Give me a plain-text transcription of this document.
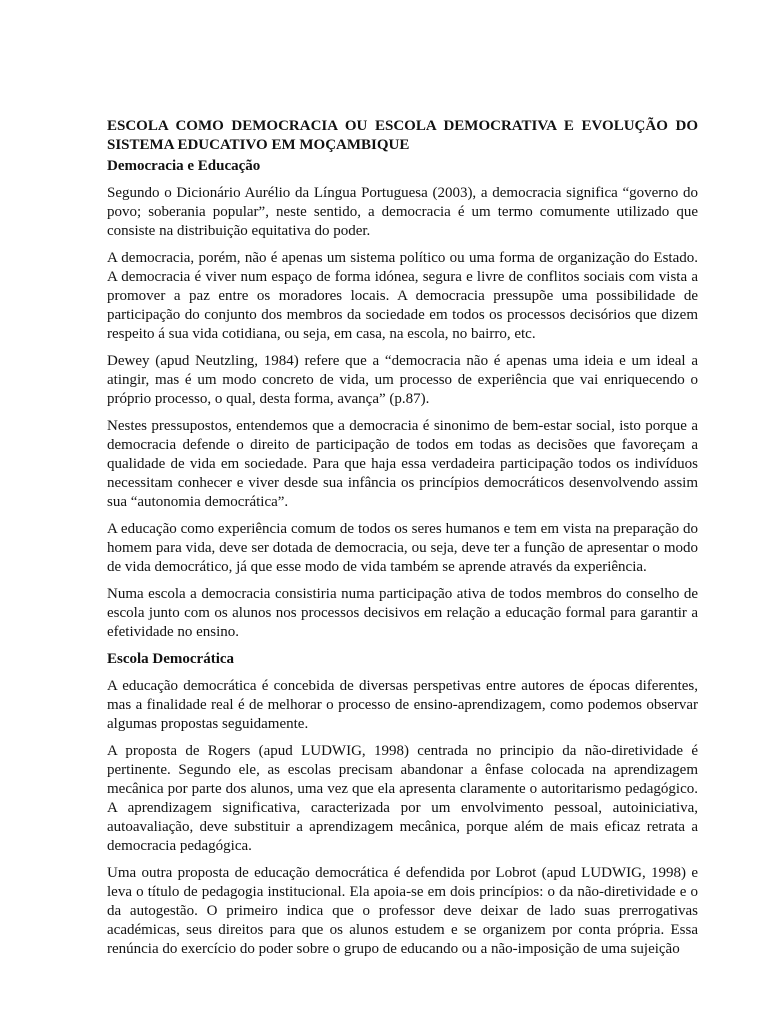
ESCOLA COMO DEMOCRACIA OU ESCOLA DEMOCRATIVA E EVOLUÇÃO DO SISTEMA EDUCATIVO EM MOÇAMBIQUE
Democracia e Educação

Segundo o Dicionário Aurélio da Língua Portuguesa (2003), a democracia significa “governo do povo; soberania popular”, neste sentido, a democracia é um termo comumente utilizado que consiste na distribuição equitativa do poder.

A democracia, porém, não é apenas um sistema político ou uma forma de organização do Estado. A democracia é viver num espaço de forma idónea, segura e livre de conflitos sociais com vista a promover a paz entre os moradores locais. A democracia pressupõe uma possibilidade de participação do conjunto dos membros da sociedade em todos os processos decisórios que dizem respeito á sua vida cotidiana, ou seja, em casa, na escola, no bairro, etc.

Dewey (apud Neutzling, 1984) refere que a “democracia não é apenas uma ideia e um ideal a atingir, mas é um modo concreto de vida, um processo de experiência que vai enriquecendo o próprio processo, o qual, desta forma, avança” (p.87).

Nestes pressupostos, entendemos que a democracia é sinonimo de bem-estar social, isto porque a democracia defende o direito de participação de todos em todas as decisões que favoreçam a qualidade de vida em sociedade. Para que haja essa verdadeira participação todos os indivíduos necessitam conhecer e viver desde sua infância os princípios democráticos desenvolvendo assim sua “autonomia democrática”.

A educação como experiência comum de todos os seres humanos e tem em vista na preparação do homem para vida, deve ser dotada de democracia, ou seja, deve ter a função de apresentar o modo de vida democrático, já que esse modo de vida também se aprende através da experiência.

Numa escola a democracia consistiria numa participação ativa de todos membros do conselho de escola junto com os alunos nos processos decisivos em relação a educação formal para garantir a efetividade no ensino.

Escola Democrática

A educação democrática é concebida de diversas perspetivas entre autores de épocas diferentes, mas a finalidade real é de melhorar o processo de ensino-aprendizagem, como podemos observar algumas propostas seguidamente.

A proposta de Rogers (apud LUDWIG, 1998) centrada no principio da não-diretividade é pertinente. Segundo ele, as escolas precisam abandonar a ênfase colocada na aprendizagem mecânica por parte dos alunos, uma vez que ela apresenta claramente o autoritarismo pedagógico. A aprendizagem significativa, caracterizada por um envolvimento pessoal, autoiniciativa, autoavaliação, deve substituir a aprendizagem mecânica, porque além de mais eficaz retrata a democracia pedagógica.

Uma outra proposta de educação democrática é defendida por Lobrot (apud LUDWIG, 1998) e leva o título de pedagogia institucional. Ela apoia-se em dois princípios: o da não-diretividade e o da autogestão. O primeiro indica que o professor deve deixar de lado suas prerrogativas académicas, seus direitos para que os alunos estudem e se organizem por conta própria. Essa renúncia do exercício do poder sobre o grupo de educando ou a não-imposição de uma sujeição
